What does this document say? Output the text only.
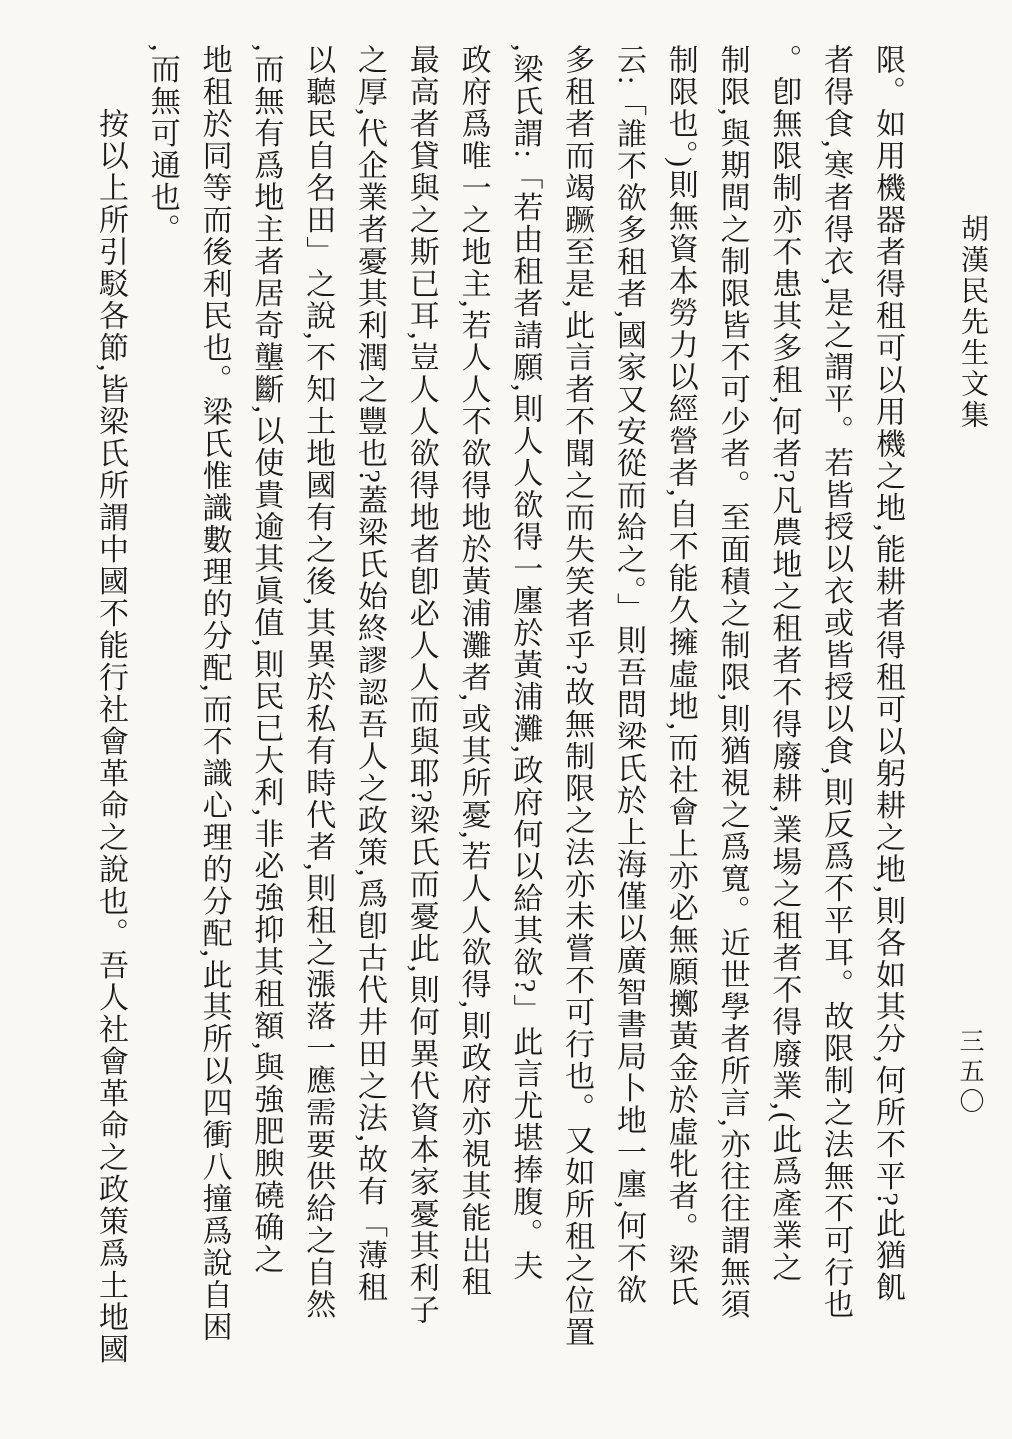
胡漢民先生文集
三五〇
限。如用機器者得租可以用機之地,能耕者得租可以躬耕之地,則各如其分,何所不平?此猶飢
者得食,寒者得衣,是之謂平。若皆授以衣或皆授以食,則反爲不平耳。故限制之法無不可行也
。卽無限制亦不患其多租,何者?凡農地之租者不得廢耕,業場之租者不得廢業,(此爲產業之
制限,與期間之制限皆不可少者。至面積之制限,則猶視之爲寬。近世學者所言,亦往往謂無須
制限也。)則無資本勞力以經營者,自不能久擁虛地,而社會上亦必無願擲黃金於虛牝者。梁氏
云:「誰不欲多租者,國家又安從而給之。」則吾問梁氏於上海僅以廣智書局卜地一廛,何不欲
多租者而竭蹶至是,此言者不聞之而失笑者乎?故無制限之法亦未嘗不可行也。又如所租之位置
,梁氏謂:「若由租者請願,則人人欲得一廛於黃浦灘,政府何以給其欲?」此言尤堪捧腹。夫
政府爲唯一之地主,若人人不欲得地於黃浦灘者,或其所憂,若人人欲得,則政府亦視其能出租
最高者貸與之斯已耳,豈人人欲得地者卽必人人而與耶?梁氏而憂此,則何異代資本家憂其利子
之厚,代企業者憂其利潤之豐也?蓋梁氏始終謬認吾人之政策,爲卽古代井田之法,故有「薄租
以聽民自名田」之說,不知土地國有之後,其異於私有時代者,則租之漲落一應需要供給之自然
,而無有爲地主者居奇壟斷,以使貴逾其眞值,則民已大利,非必強抑其租額,與強肥腴磽确之
地租於同等而後利民也。梁氏惟識數理的分配,而不識心理的分配,此其所以四衝八撞爲說自困
,而無可通也。
按以上所引駁各節,皆梁氏所謂中國不能行社會革命之說也。吾人社會革命之政策爲土地國
